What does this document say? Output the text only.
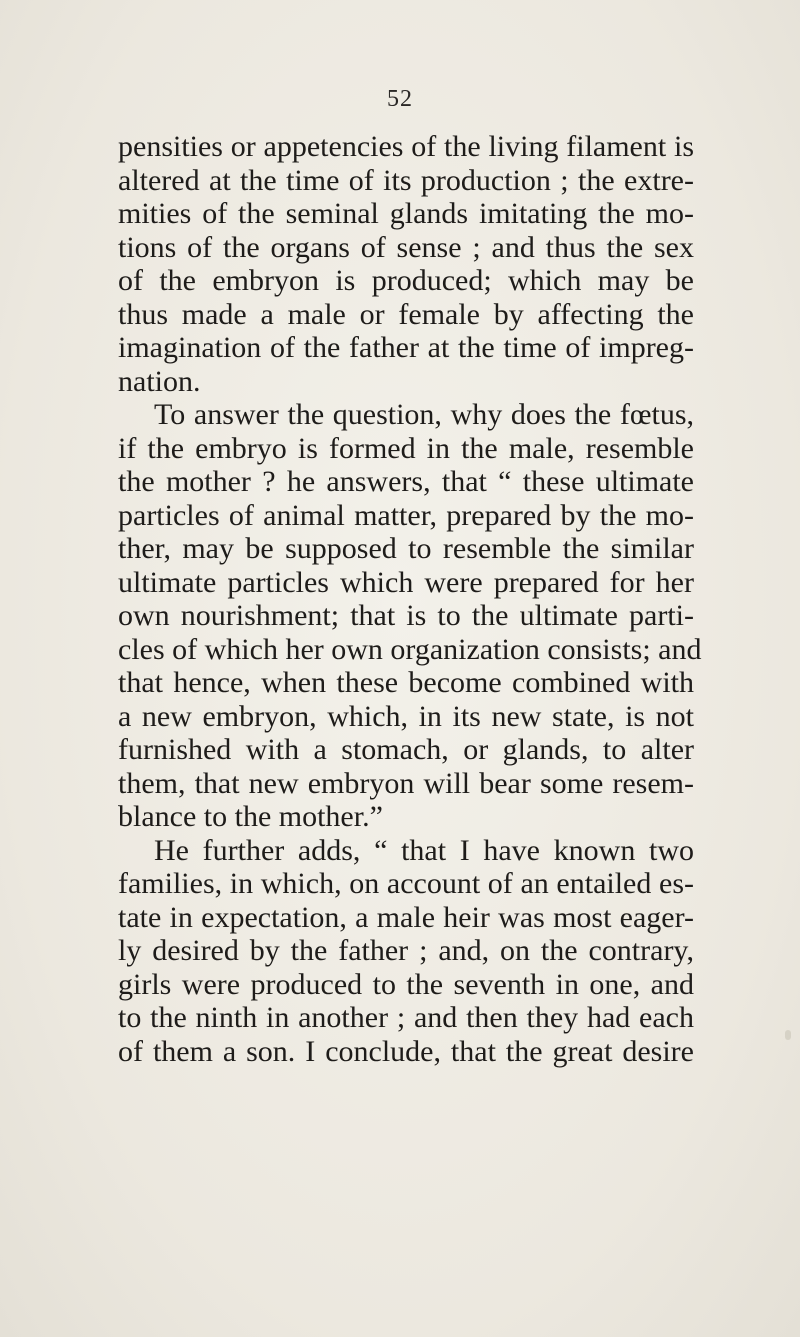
52
pensities or appetencies of the living filament is
altered at the time of its production ; the extre-
mities of the seminal glands imitating the mo-
tions of the organs of sense ; and thus the sex
of the embryon is produced; which may be
thus made a male or female by affecting the
imagination of the father at the time of impreg-
nation.
To answer the question, why does the fœtus,
if the embryo is formed in the male, resemble
the mother ? he answers, that “ these ultimate
particles of animal matter, prepared by the mo-
ther, may be supposed to resemble the similar
ultimate particles which were prepared for her
own nourishment; that is to the ultimate parti-
cles of which her own organization consists; and
that hence, when these become combined with
a new embryon, which, in its new state, is not
furnished with a stomach, or glands, to alter
them, that new embryon will bear some resem-
blance to the mother.”
He further adds, “ that I have known two
families, in which, on account of an entailed es-
tate in expectation, a male heir was most eager-
ly desired by the father ; and, on the contrary,
girls were produced to the seventh in one, and
to the ninth in another ; and then they had each
of them a son. I conclude, that the great desire
